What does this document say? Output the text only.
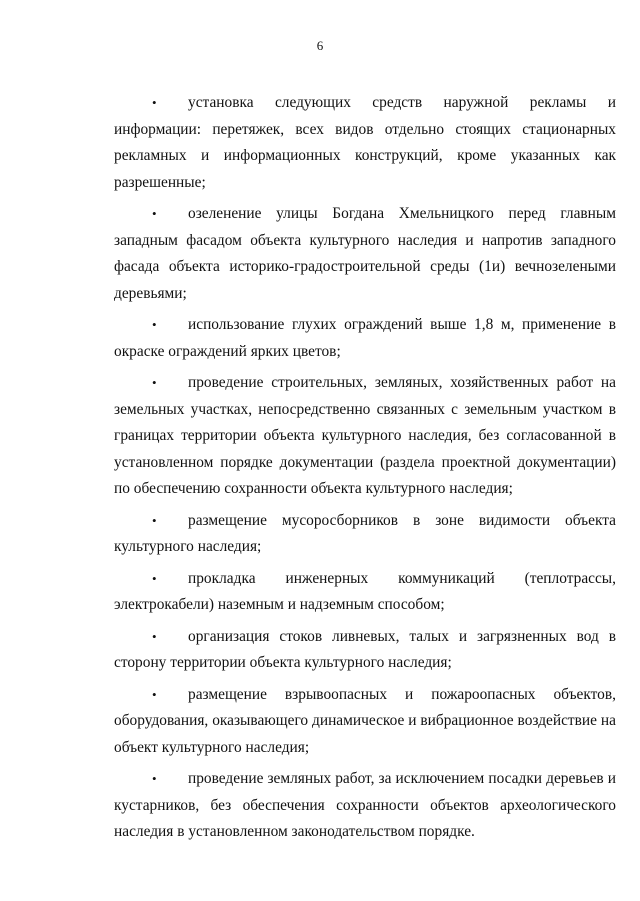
6

• установка следующих средств наружной рекламы и информации: перетяжек, всех видов отдельно стоящих стационарных рекламных и информационных конструкций, кроме указанных как разрешенные;
• озеленение улицы Богдана Хмельницкого перед главным западным фасадом объекта культурного наследия и напротив западного фасада объекта историко-градостроительной среды (1и) вечнозелеными деревьями;
• использование глухих ограждений выше 1,8 м, применение в окраске ограждений ярких цветов;
• проведение строительных, земляных, хозяйственных работ на земельных участках, непосредственно связанных с земельным участком в границах территории объекта культурного наследия, без согласованной в установленном порядке документации (раздела проектной документации) по обеспечению сохранности объекта культурного наследия;
• размещение мусоросборников в зоне видимости объекта культурного наследия;
• прокладка инженерных коммуникаций (теплотрассы, электрокабели) наземным и надземным способом;
• организация стоков ливневых, талых и загрязненных вод в сторону территории объекта культурного наследия;
• размещение взрывоопасных и пожароопасных объектов, оборудования, оказывающего динамическое и вибрационное воздействие на объект культурного наследия;
• проведение земляных работ, за исключением посадки деревьев и кустарников, без обеспечения сохранности объектов археологического наследия в установленном законодательством порядке.
